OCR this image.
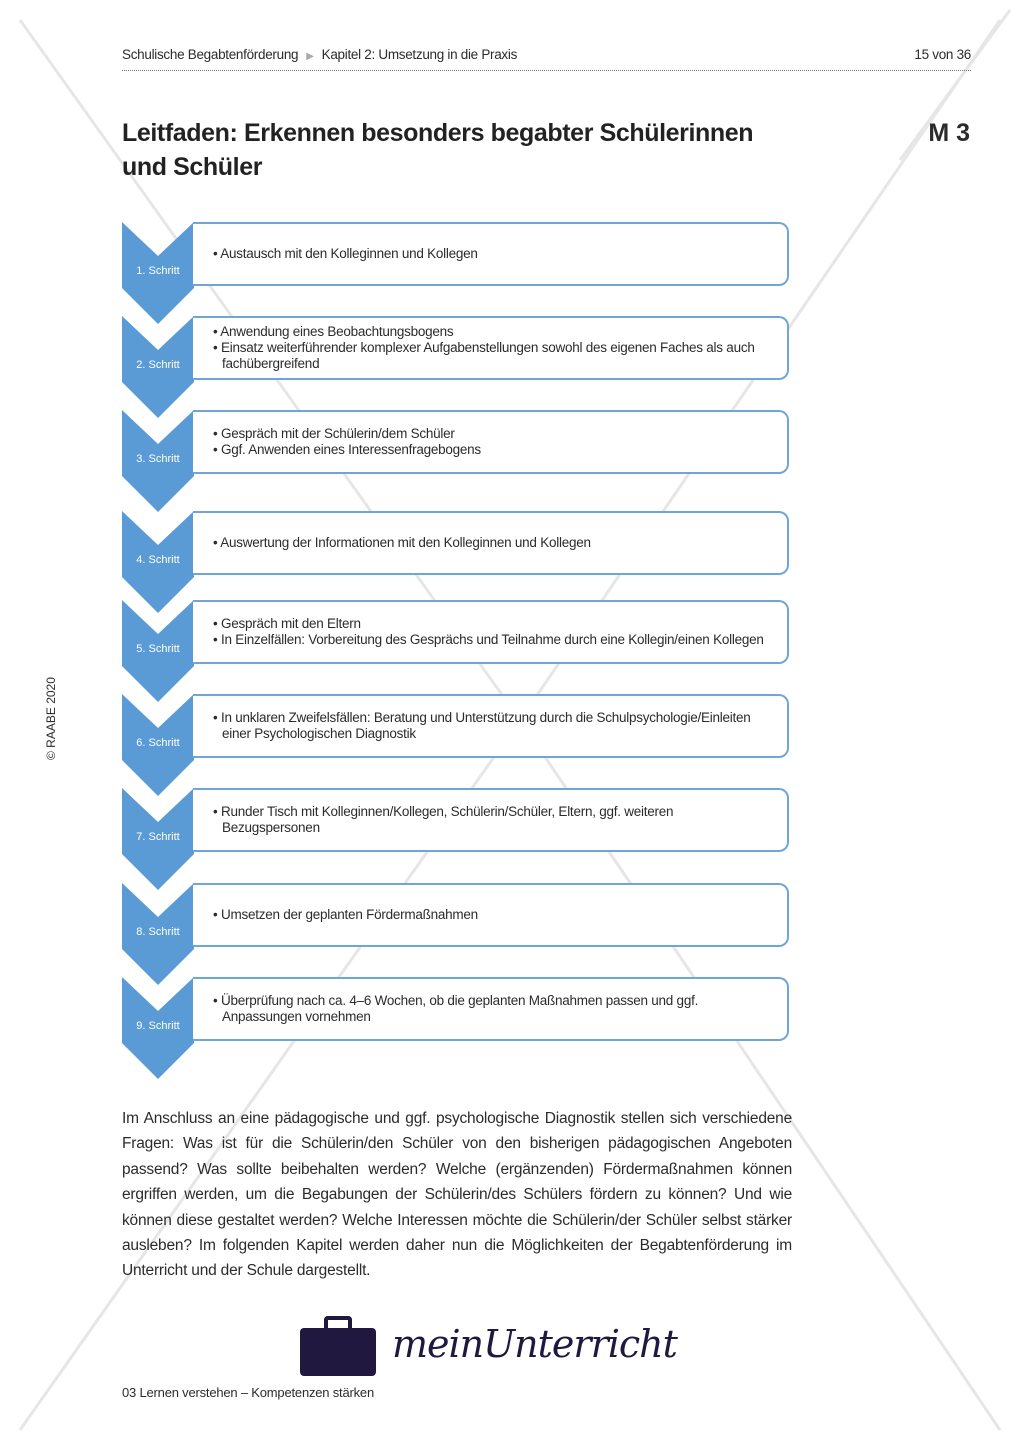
Schulische Begabtenförderung ▶ Kapitel 2: Umsetzung in die Praxis	15 von 36
Leitfaden: Erkennen besonders begabter Schülerinnen und Schüler
M 3
1. Schritt
• Austausch mit den Kolleginnen und Kollegen
2. Schritt
• Anwendung eines Beobachtungsbogens
• Einsatz weiterführender komplexer Aufgabenstellungen sowohl des eigenen Faches als auch fachübergreifend
3. Schritt
• Gespräch mit der Schülerin/dem Schüler
• Ggf. Anwenden eines Interessenfragebogens
4. Schritt
• Auswertung der Informationen mit den Kolleginnen und Kollegen
5. Schritt
• Gespräch mit den Eltern
• In Einzelfällen: Vorbereitung des Gesprächs und Teilnahme durch eine Kollegin/einen Kollegen
6. Schritt
• In unklaren Zweifelsfällen: Beratung und Unterstützung durch die Schulpsychologie/Einleiten einer Psychologischen Diagnostik
7. Schritt
• Runder Tisch mit Kolleginnen/Kollegen, Schülerin/Schüler, Eltern, ggf. weiteren Bezugspersonen
8. Schritt
• Umsetzen der geplanten Fördermaßnahmen
9. Schritt
• Überprüfung nach ca. 4–6 Wochen, ob die geplanten Maßnahmen passen und ggf. Anpassungen vornehmen
Im Anschluss an eine pädagogische und ggf. psychologische Diagnostik stellen sich verschiedene Fragen: Was ist für die Schülerin/den Schüler von den bisherigen pädagogischen Angeboten passend? Was sollte beibehalten werden? Welche (ergänzenden) Fördermaßnahmen können ergriffen werden, um die Begabungen der Schülerin/des Schülers fördern zu können? Und wie können diese gestaltet werden? Welche Interessen möchte die Schülerin/der Schüler selbst stärker ausleben? Im folgenden Kapitel werden daher nun die Möglichkeiten der Begabtenförderung im Unterricht und der Schule dargestellt.
03 Lernen verstehen – Kompetenzen stärken
© RAABE 2020
meinUnterricht
